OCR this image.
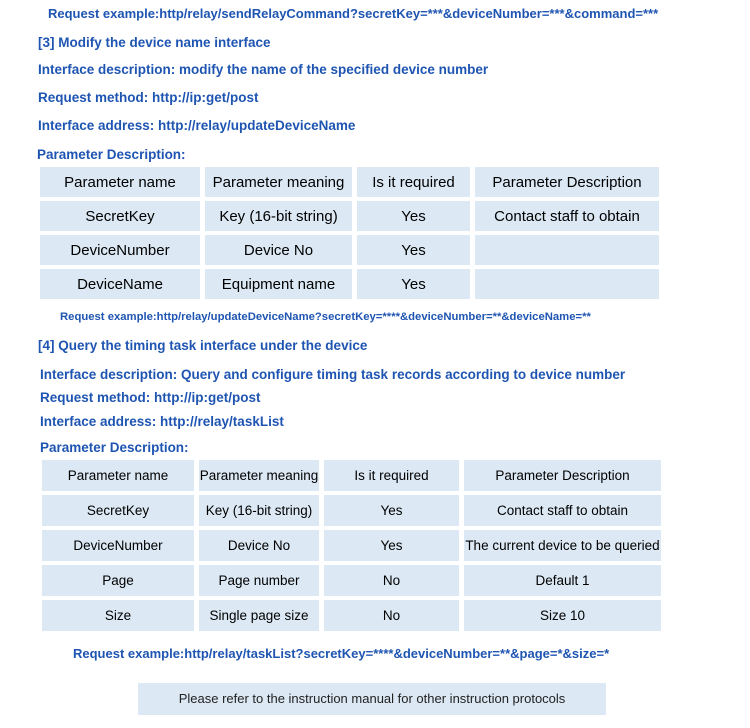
Request example:http/relay/sendRelayCommand?secretKey=***&deviceNumber=***&command=***
[3] Modify the device name interface
Interface description: modify the name of the specified device number
Request method: http://ip:get/post
Interface address: http://relay/updateDeviceName
Parameter Description:
Parameter name	Parameter meaning	Is it required	Parameter Description
SecretKey	Key (16-bit string)	Yes	Contact staff to obtain
DeviceNumber	Device No	Yes	
DeviceName	Equipment name	Yes	
Request example:http/relay/updateDeviceName?secretKey=****&deviceNumber=**&deviceName=**
[4] Query the timing task interface under the device
Interface description: Query and configure timing task records according to device number
Request method: http://ip:get/post
Interface address: http://relay/taskList
Parameter Description:
Parameter name	Parameter meaning	Is it required	Parameter Description
SecretKey	Key (16-bit string)	Yes	Contact staff to obtain
DeviceNumber	Device No	Yes	The current device to be queried
Page	Page number	No	Default 1
Size	Single page size	No	Size 10
Request example:http/relay/taskList?secretKey=****&deviceNumber=**&page=*&size=*
Please refer to the instruction manual for other instruction protocols
